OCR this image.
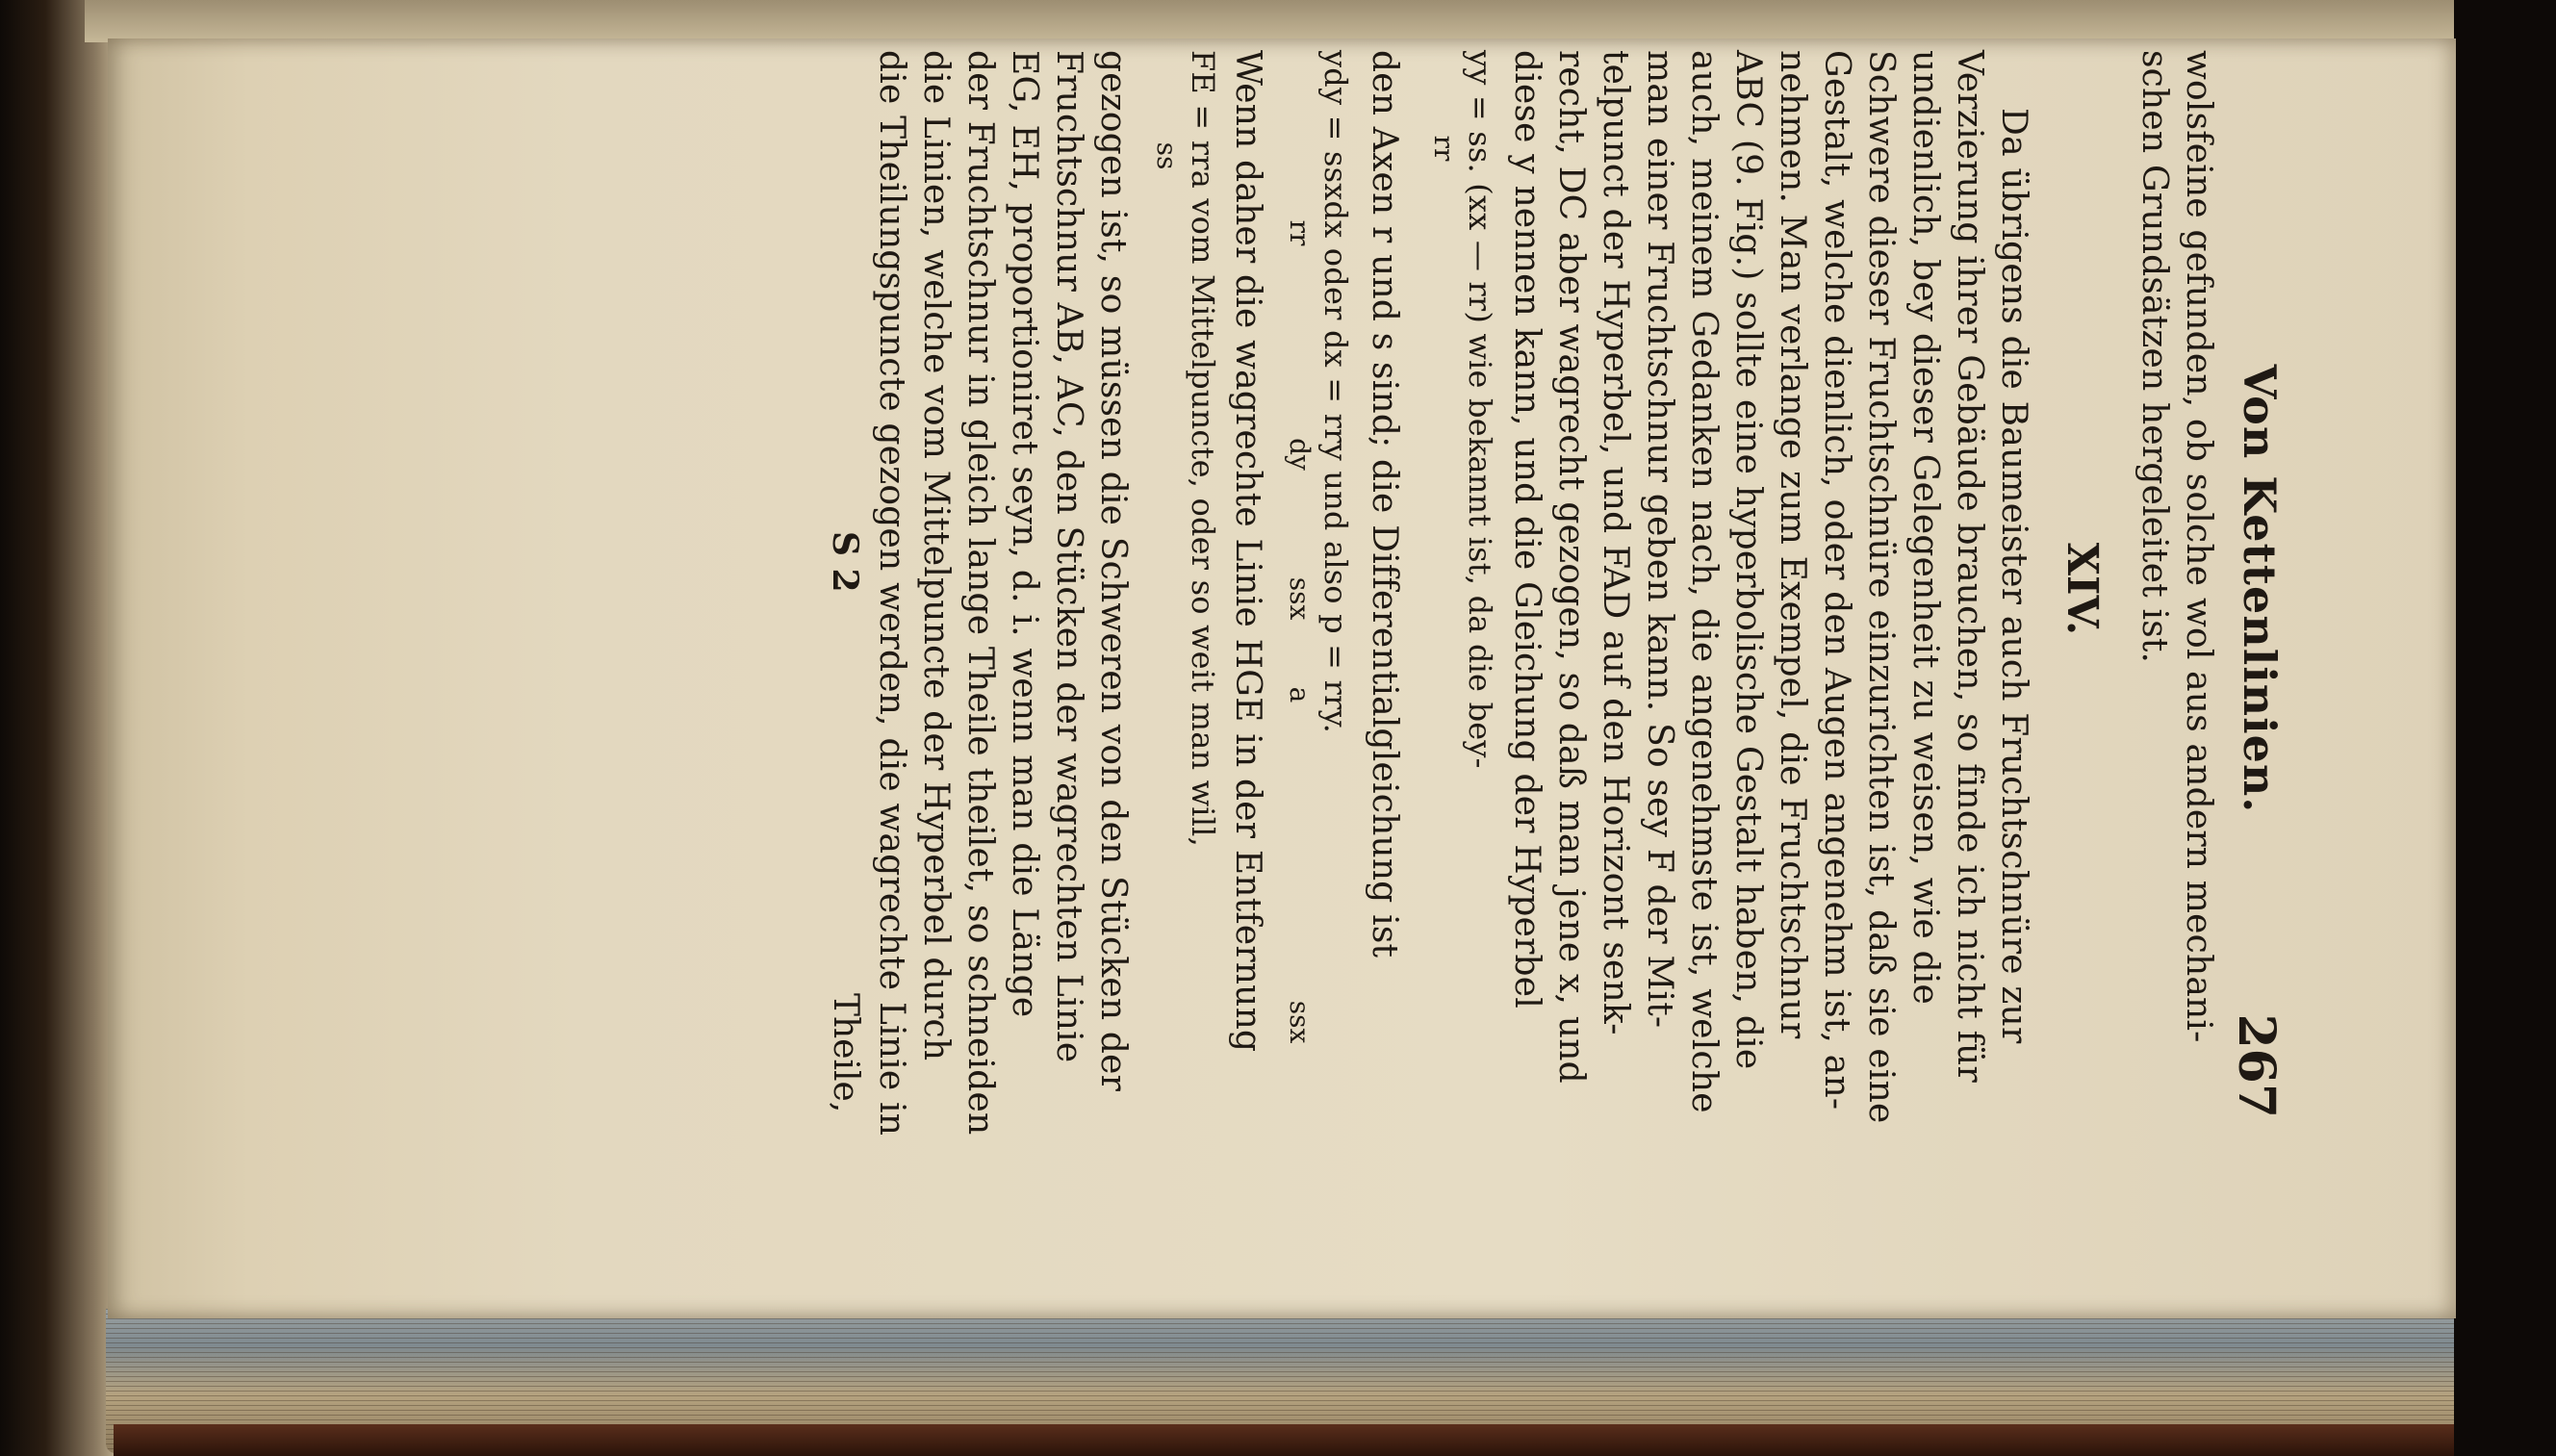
Von Kettenlinien.
267
wolsfeine gefunden, ob solche wol aus andern mechani-
schen Grundsätzen hergeleitet ist.
XIV.
Da übrigens die Baumeister auch Fruchtschnüre zur
Verzierung ihrer Gebäude brauchen, so finde ich nicht für
undienlich, bey dieser Gelegenheit zu weisen, wie die
Schwere dieser Fruchtschnüre einzurichten ist, daß sie eine
Gestalt, welche dienlich, oder den Augen angenehm ist, an-
nehmen. Man verlange zum Exempel, die Fruchtschnur
ABC (9. Fig.) sollte eine hyperbolische Gestalt haben, die
auch, meinem Gedanken nach, die angenehmste ist, welche
man einer Fruchtschnur geben kann. So sey F der Mit-
telpunct der Hyperbel, und FAD auf den Horizont senk-
recht, DC aber wagrecht gezogen, so daß man jene x, und
diese y nennen kann, und die Gleichung der Hyperbel
yy = ss. (xx — rr) wie bekannt ist, da die bey-
rr
den Axen r und s sind; die Differentialgleichung ist
ydy = ssxdx oder dx = rry und also p = rry.
rr
dy
ssx
a
ssx
Wenn daher die wagrechte Linie HGE in der Entfernung
FE = rra vom Mittelpuncte, oder so weit man will,
ss
gezogen ist, so müssen die Schweren von den Stücken der
Fruchtschnur AB, AC, den Stücken der wagrechten Linie
EG, EH, proportioniret seyn, d. i. wenn man die Länge
der Fruchtschnur in gleich lange Theile theilet, so schneiden
die Linien, welche vom Mittelpuncte der Hyperbel durch
die Theilungspuncte gezogen werden, die wagrechte Linie in
S 2
Theile,
